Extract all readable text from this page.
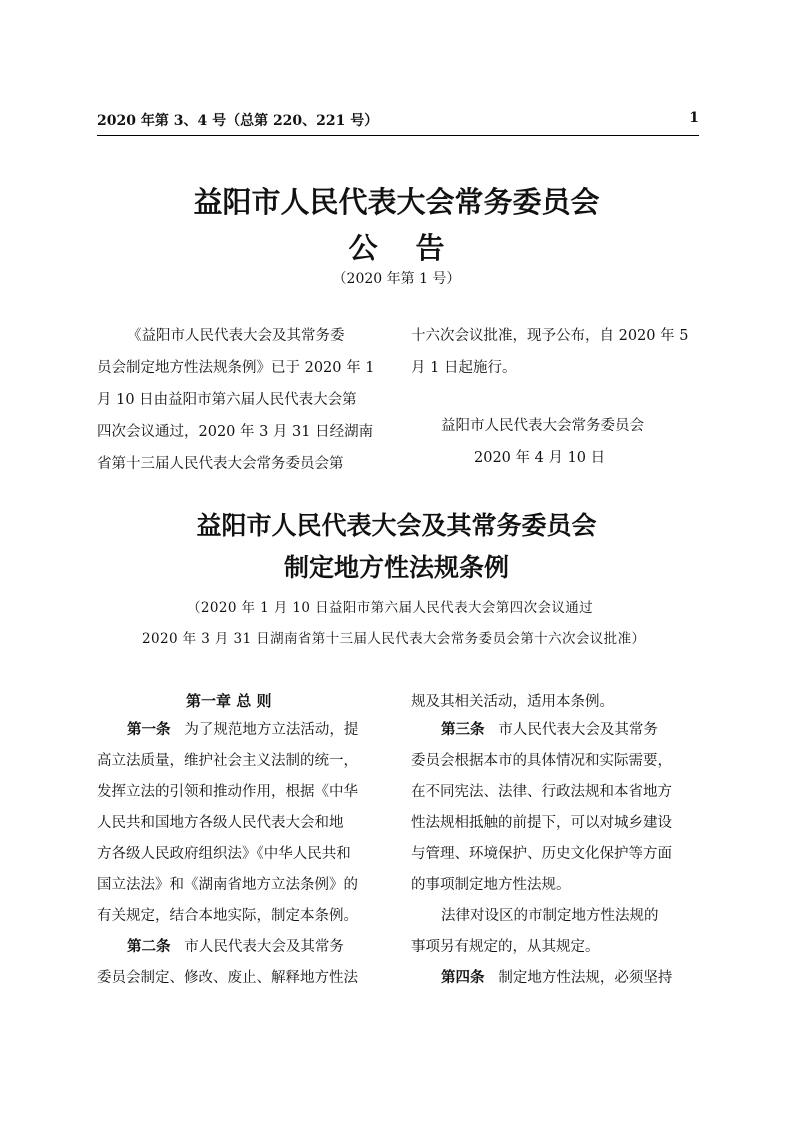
2020 年第 3、4 号（总第 220、221 号）	1
益阳市人民代表大会常务委员会
公告
（2020 年第 1 号）
《益阳市人民代表大会及其常务委
员会制定地方性法规条例》已于 2020 年 1
月 10 日由益阳市第六届人民代表大会第
四次会议通过，2020 年 3 月 31 日经湖南
省第十三届人民代表大会常务委员会第
十六次会议批准，现予公布，自 2020 年 5
月 1 日起施行。
益阳市人民代表大会常务委员会
2020 年 4 月 10 日
益阳市人民代表大会及其常务委员会
制定地方性法规条例
（2020 年 1 月 10 日益阳市第六届人民代表大会第四次会议通过
2020 年 3 月 31 日湖南省第十三届人民代表大会常务委员会第十六次会议批准）
第一章 总 则
第一条 为了规范地方立法活动，提
高立法质量，维护社会主义法制的统一，
发挥立法的引领和推动作用，根据《中华
人民共和国地方各级人民代表大会和地
方各级人民政府组织法》《中华人民共和
国立法法》和《湖南省地方立法条例》的
有关规定，结合本地实际，制定本条例。
第二条 市人民代表大会及其常务
委员会制定、修改、废止、解释地方性法
规及其相关活动，适用本条例。
第三条 市人民代表大会及其常务
委员会根据本市的具体情况和实际需要，
在不同宪法、法律、行政法规和本省地方
性法规相抵触的前提下，可以对城乡建设
与管理、环境保护、历史文化保护等方面
的事项制定地方性法规。
法律对设区的市制定地方性法规的
事项另有规定的，从其规定。
第四条 制定地方性法规，必须坚持
